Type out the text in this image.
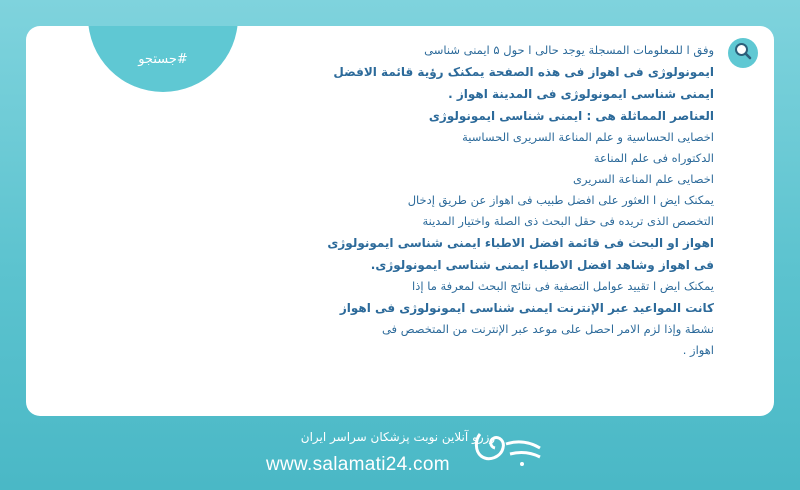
#جستجو
وفق ا للمعلومات المسجلة یوجد حالی ا حول ۵ ایمنی شناسی
ایمونولوژی فی اهواز فی هذه الصفحة یمکنک رؤیة قائمة الافضل
ایمنی شناسی ایمونولوژی فی المدینة اهواز .
العناصر المماثلة هی : ایمنی شناسی ایمونولوژی
اخصایی الحساسیة و علم المناعة السریری الحساسیة
الدکتوراه فی علم المناعة
اخصایی علم المناعة السریری
یمکنک ایض ا العثور علی افضل طبیب فی اهواز عن طریق إدخال
التخصص الذی تریده فی حقل البحث ذی الصلة واختیار المدینة
اهواز او البحث فی قائمة افضل الاطباء ایمنی شناسی ایمونولوژی
فی اهواز وشاهد افضل الاطباء ایمنی شناسی ایمونولوژی.
یمکنک ایض ا تقیید عوامل التصفیة فی نتائج البحث لمعرفة ما إذا
کانت المواعید عبر الإنترنت ایمنی شناسی ایمونولوژی فی اهواز
نشطة وإذا لزم الامر احصل علی موعد عبر الإنترنت من المتخصص فی
اهواز .
رزرو آنلاین نوبت پزشکان سراسر ایران
www.salamati24.com
